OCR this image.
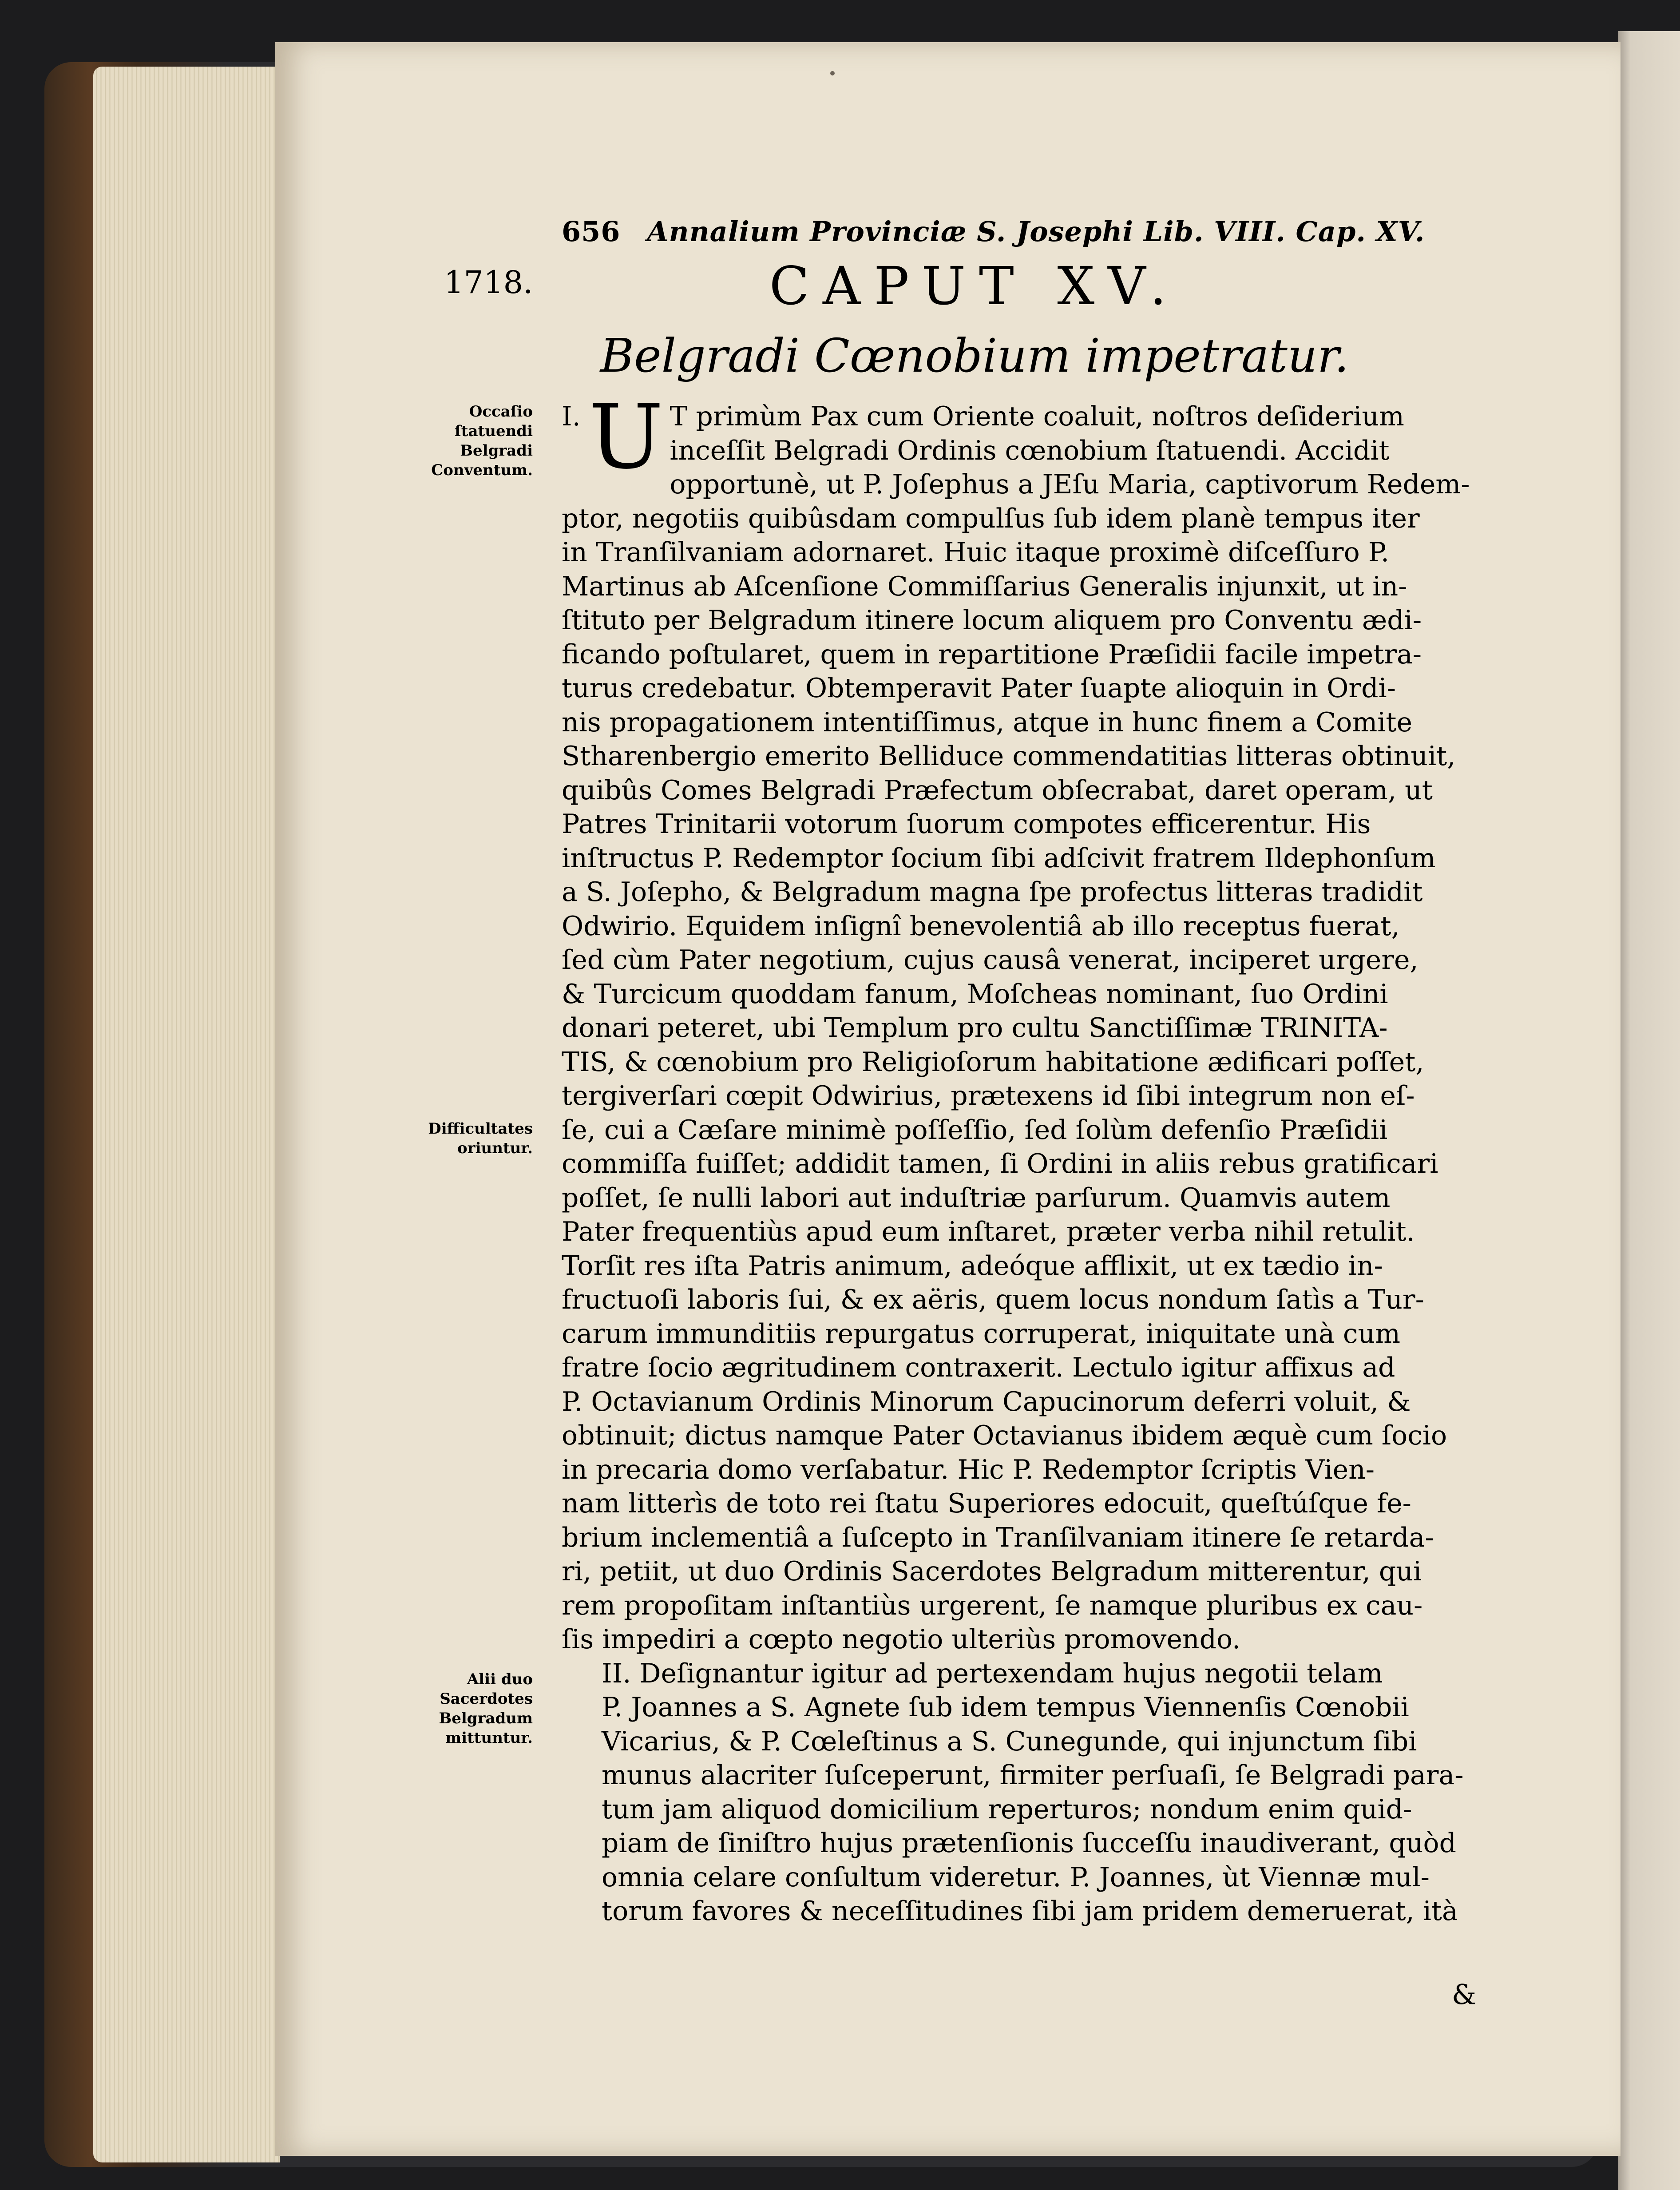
656 Annalium Provinciæ S. Josephi Lib. VIII. Cap. XV.
1718.	CAPUT XV.
Belgradi Cœnobium impetratur.
Occaſio ſtatuendi Belgradi Conventum.
Difficultates oriuntur.
Alii duo Sacerdotes Belgradum mittuntur.
I. U T primùm Pax cum Oriente coaluit, noſtros deſiderium
inceſſit Belgradi Ordinis cœnobium ſtatuendi. Accidit
opportunè, ut P. Joſephus a JEſu Maria, captivorum Redem-
ptor, negotiis quibûsdam compulſus ſub idem planè tempus iter
in Tranſilvaniam adornaret. Huic itaque proximè diſceſſuro P.
Martinus ab Aſcenſione Commiſſarius Generalis injunxit, ut in-
ſtituto per Belgradum itinere locum aliquem pro Conventu ædi-
ficando poſtularet, quem in repartitione Præſidii facile impetra-
turus credebatur. Obtemperavit Pater ſuapte alioquin in Ordi-
nis propagationem intentiſſimus, atque in hunc finem a Comite
Stharenbergio emerito Belliduce commendatitias litteras obtinuit,
quibûs Comes Belgradi Præfectum obſecrabat, daret operam, ut
Patres Trinitarii votorum ſuorum compotes efficerentur. His
inſtructus P. Redemptor ſocium ſibi adſcivit fratrem Ildephonſum
a S. Joſepho, & Belgradum magna ſpe profectus litteras tradidit
Odwirio. Equidem inſignî benevolentiâ ab illo receptus fuerat,
ſed cùm Pater negotium, cujus causâ venerat, inciperet urgere,
& Turcicum quoddam fanum, Moſcheas nominant, ſuo Ordini
donari peteret, ubi Templum pro cultu Sanctiſſimæ TRINITA-
TIS, & cœnobium pro Religioſorum habitatione ædificari poſſet,
tergiverſari cœpit Odwirius, prætexens id ſibi integrum non eſ-
ſe, cui a Cæſare minimè poſſeſſio, ſed ſolùm defenſio Præſidii
commiſſa fuiſſet; addidit tamen, ſi Ordini in aliis rebus gratificari
poſſet, ſe nulli labori aut induſtriæ parſurum. Quamvis autem
Pater frequentiùs apud eum inſtaret, præter verba nihil retulit.
Torſit res iſta Patris animum, adeóque afflixit, ut ex tædio in-
fructuoſi laboris ſui, & ex aëris, quem locus nondum ſatìs a Tur-
carum immunditiis repurgatus corruperat, iniquitate unà cum
fratre ſocio ægritudinem contraxerit. Lectulo igitur affixus ad
P. Octavianum Ordinis Minorum Capucinorum deferri voluit, &
obtinuit; dictus namque Pater Octavianus ibidem æquè cum ſocio
in precaria domo verſabatur. Hic P. Redemptor ſcriptis Vien-
nam litterìs de toto rei ſtatu Superiores edocuit, queſtúſque fe-
brium inclementiâ a ſuſcepto in Tranſilvaniam itinere ſe retarda-
ri, petiit, ut duo Ordinis Sacerdotes Belgradum mitterentur, qui
rem propoſitam inſtantiùs urgerent, ſe namque pluribus ex cau-
ſis impediri a cœpto negotio ulteriùs promovendo.
II. Deſignantur igitur ad pertexendam hujus negotii telam
P. Joannes a S. Agnete ſub idem tempus Viennenſis Cœnobii
Vicarius, & P. Cœleſtinus a S. Cunegunde, qui injunctum ſibi
munus alacriter ſuſceperunt, firmiter perſuaſi, ſe Belgradi para-
tum jam aliquod domicilium reperturos; nondum enim quid-
piam de ſiniſtro hujus prætenſionis ſucceſſu inaudiverant, quòd
omnia celare conſultum videretur. P. Joannes, ùt Viennæ mul-
torum favores & neceſſitudines ſibi jam pridem demeruerat, ità
&
